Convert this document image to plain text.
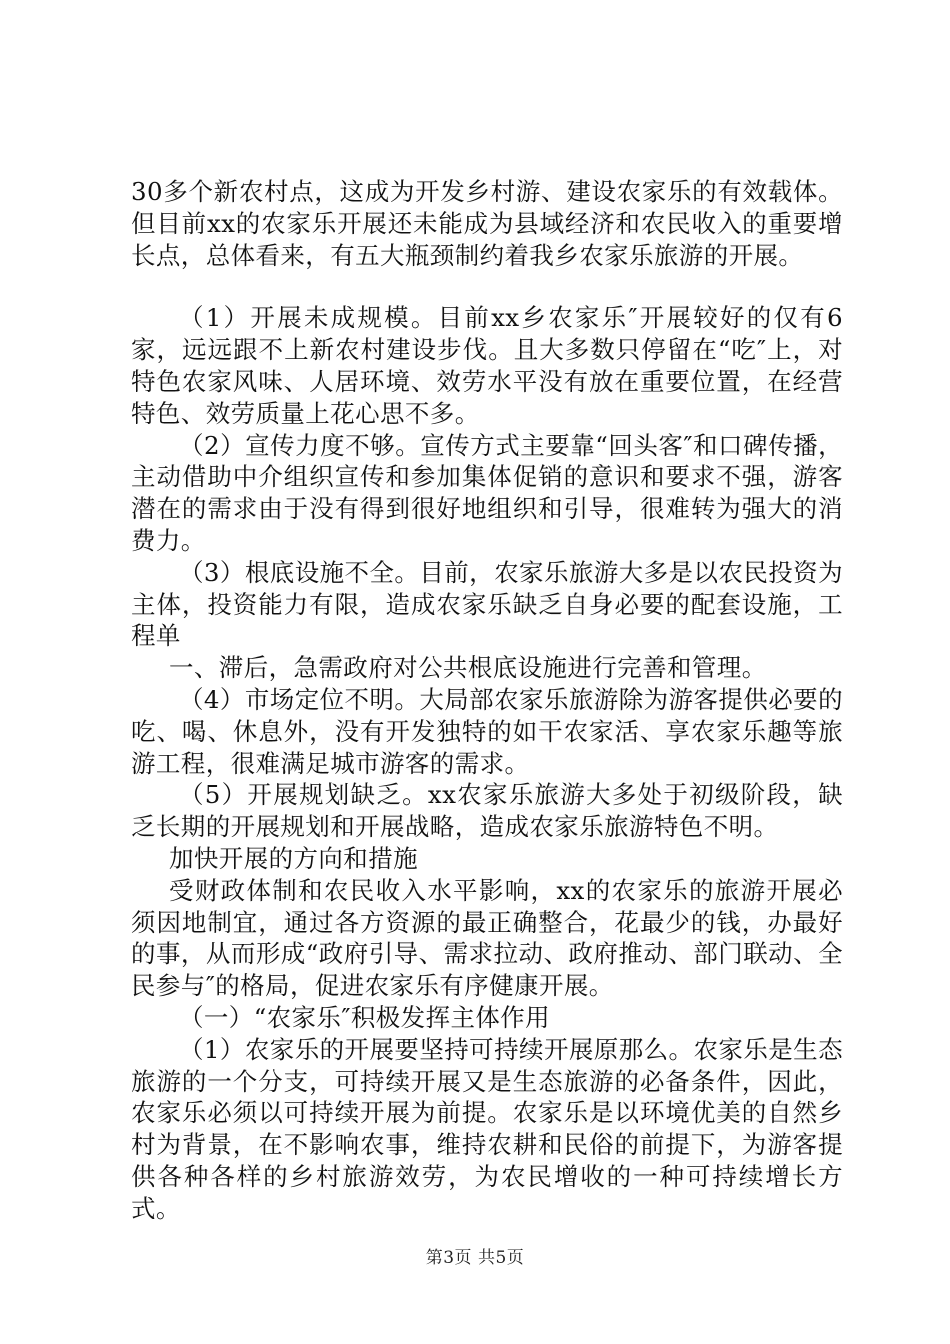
30多个新农村点，这成为开发乡村游、建设农家乐的有效载体。但目前xx的农家乐开展还未能成为县域经济和农民收入的重要增长点，总体看来，有五大瓶颈制约着我乡农家乐旅游的开展。

（1）开展未成规模。目前xx乡农家乐″开展较好的仅有6家，远远跟不上新农村建设步伐。且大多数只停留在“吃″上，对特色农家风味、人居环境、效劳水平没有放在重要位置，在经营特色、效劳质量上花心思不多。

（2）宣传力度不够。宣传方式主要靠“回头客″和口碑传播，主动借助中介组织宣传和参加集体促销的意识和要求不强，游客潜在的需求由于没有得到很好地组织和引导，很难转为强大的消费力。

（3）根底设施不全。目前，农家乐旅游大多是以农民投资为主体，投资能力有限，造成农家乐缺乏自身必要的配套设施，工程单

一、滞后，急需政府对公共根底设施进行完善和管理。

（4）市场定位不明。大局部农家乐旅游除为游客提供必要的吃、喝、休息外，没有开发独特的如干农家活、享农家乐趣等旅游工程，很难满足城市游客的需求。

（5）开展规划缺乏。xx农家乐旅游大多处于初级阶段，缺乏长期的开展规划和开展战略，造成农家乐旅游特色不明。

加快开展的方向和措施

受财政体制和农民收入水平影响，xx的农家乐的旅游开展必须因地制宜，通过各方资源的最正确整合，花最少的钱，办最好的事，从而形成“政府引导、需求拉动、政府推动、部门联动、全民参与″的格局，促进农家乐有序健康开展。

（一）“农家乐″积极发挥主体作用

（1）农家乐的开展要坚持可持续开展原那么。农家乐是生态旅游的一个分支，可持续开展又是生态旅游的必备条件，因此，农家乐必须以可持续开展为前提。农家乐是以环境优美的自然乡村为背景，在不影响农事，维持农耕和民俗的前提下，为游客提供各种各样的乡村旅游效劳，为农民增收的一种可持续增长方式。

第3页 共5页
